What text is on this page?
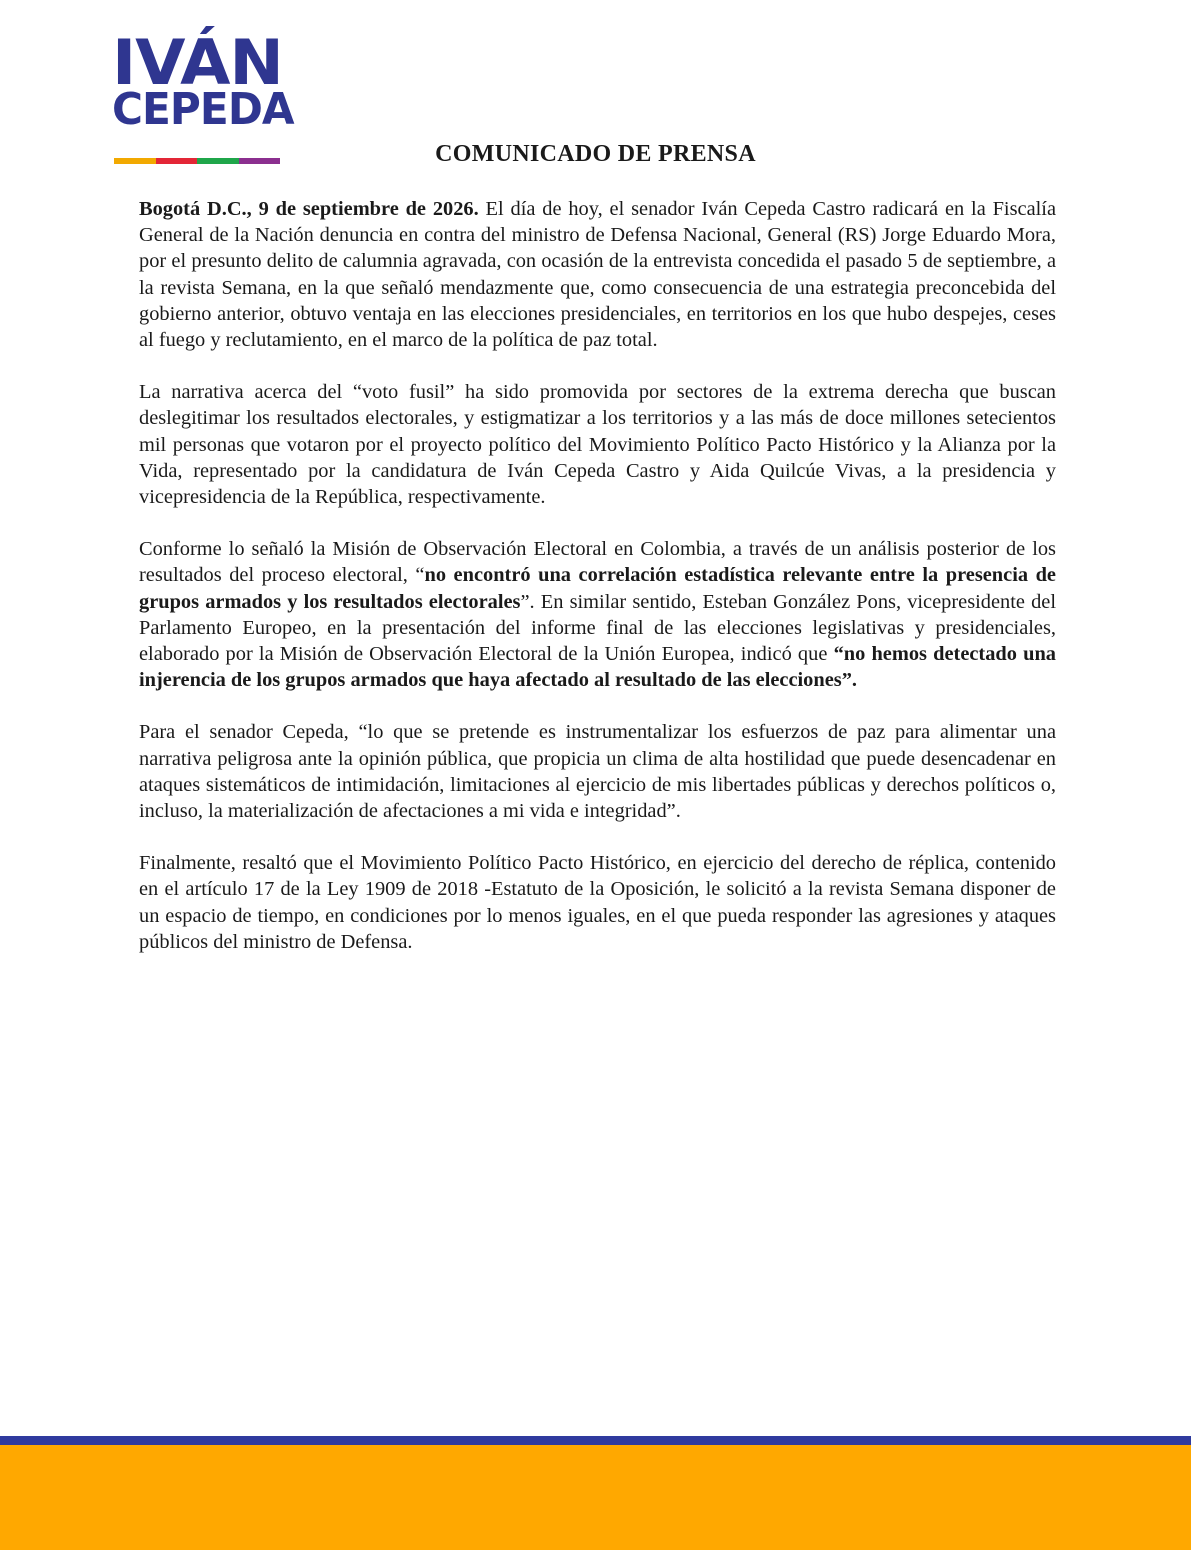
IVÁN
CEPEDA
COMUNICADO DE PRENSA

Bogotá D.C., 9 de septiembre de 2026. El día de hoy, el senador Iván Cepeda Castro radicará en la Fiscalía General de la Nación denuncia en contra del ministro de Defensa Nacional, General (RS) Jorge Eduardo Mora, por el presunto delito de calumnia agravada, con ocasión de la entrevista concedida el pasado 5 de septiembre, a la revista Semana, en la que señaló mendazmente que, como consecuencia de una estrategia preconcebida del gobierno anterior, obtuvo ventaja en las elecciones presidenciales, en territorios en los que hubo despejes, ceses al fuego y reclutamiento, en el marco de la política de paz total.

La narrativa acerca del “voto fusil” ha sido promovida por sectores de la extrema derecha que buscan deslegitimar los resultados electorales, y estigmatizar a los territorios y a las más de doce millones setecientos mil personas que votaron por el proyecto político del Movimiento Político Pacto Histórico y la Alianza por la Vida, representado por la candidatura de Iván Cepeda Castro y Aida Quilcúe Vivas, a la presidencia y vicepresidencia de la República, respectivamente.

Conforme lo señaló la Misión de Observación Electoral en Colombia, a través de un análisis posterior de los resultados del proceso electoral, “no encontró una correlación estadística relevante entre la presencia de grupos armados y los resultados electorales”. En similar sentido, Esteban González Pons, vicepresidente del Parlamento Europeo, en la presentación del informe final de las elecciones legislativas y presidenciales, elaborado por la Misión de Observación Electoral de la Unión Europea, indicó que “no hemos detectado una injerencia de los grupos armados que haya afectado al resultado de las elecciones”.

Para el senador Cepeda, “lo que se pretende es instrumentalizar los esfuerzos de paz para alimentar una narrativa peligrosa ante la opinión pública, que propicia un clima de alta hostilidad que puede desencadenar en ataques sistemáticos de intimidación, limitaciones al ejercicio de mis libertades públicas y derechos políticos o, incluso, la materialización de afectaciones a mi vida e integridad”.

Finalmente, resaltó que el Movimiento Político Pacto Histórico, en ejercicio del derecho de réplica, contenido en el artículo 17 de la Ley 1909 de 2018 -Estatuto de la Oposición, le solicitó a la revista Semana disponer de un espacio de tiempo, en condiciones por lo menos iguales, en el que pueda responder las agresiones y ataques públicos del ministro de Defensa.
